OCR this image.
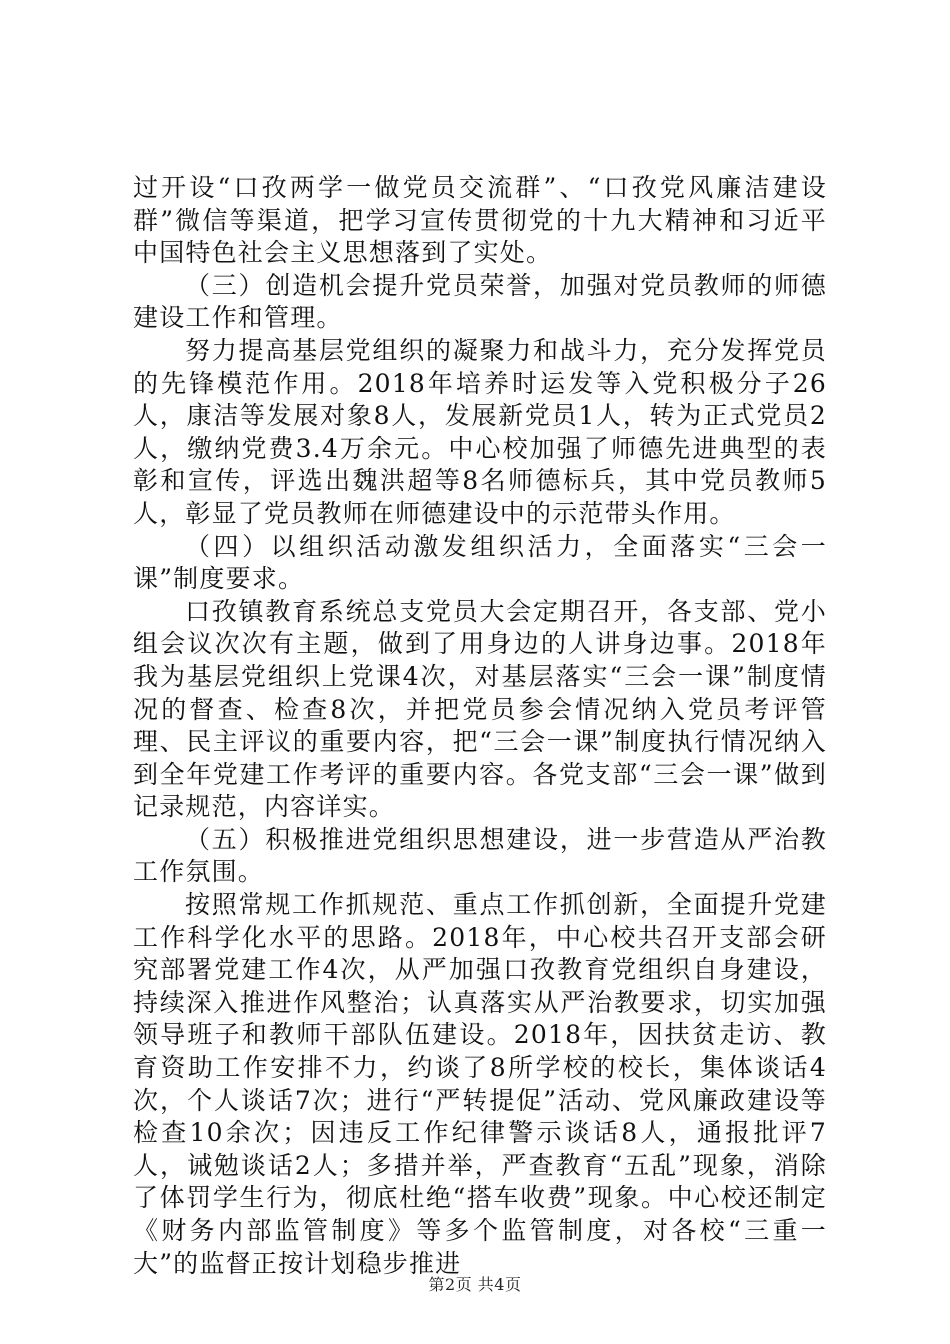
过开设“口孜两学一做党员交流群”、“口孜党风廉洁建设群”微信等渠道，把学习宣传贯彻党的十九大精神和习近平中国特色社会主义思想落到了实处。

（三）创造机会提升党员荣誉，加强对党员教师的师德建设工作和管理。

努力提高基层党组织的凝聚力和战斗力，充分发挥党员的先锋模范作用。2018年培养时运发等入党积极分子26人，康洁等发展对象8人，发展新党员1人，转为正式党员2人，缴纳党费3.4万余元。中心校加强了师德先进典型的表彰和宣传，评选出魏洪超等8名师德标兵，其中党员教师5人，彰显了党员教师在师德建设中的示范带头作用。

（四）以组织活动激发组织活力，全面落实“三会一课”制度要求。

口孜镇教育系统总支党员大会定期召开，各支部、党小组会议次次有主题，做到了用身边的人讲身边事。2018年我为基层党组织上党课4次，对基层落实“三会一课”制度情况的督查、检查8次，并把党员参会情况纳入党员考评管理、民主评议的重要内容，把“三会一课”制度执行情况纳入到全年党建工作考评的重要内容。各党支部“三会一课”做到记录规范，内容详实。

（五）积极推进党组织思想建设，进一步营造从严治教工作氛围。

按照常规工作抓规范、重点工作抓创新，全面提升党建工作科学化水平的思路。2018年，中心校共召开支部会研究部署党建工作4次，从严加强口孜教育党组织自身建设，持续深入推进作风整治；认真落实从严治教要求，切实加强领导班子和教师干部队伍建设。2018年，因扶贫走访、教育资助工作安排不力，约谈了8所学校的校长，集体谈话4次，个人谈话7次；进行“严转提促”活动、党风廉政建设等检查10余次；因违反工作纪律警示谈话8人，通报批评7人，诫勉谈话2人；多措并举，严查教育“五乱”现象，消除了体罚学生行为，彻底杜绝“搭车收费”现象。中心校还制定《财务内部监管制度》等多个监管制度，对各校“三重一大”的监督正按计划稳步推进

第2页 共4页
